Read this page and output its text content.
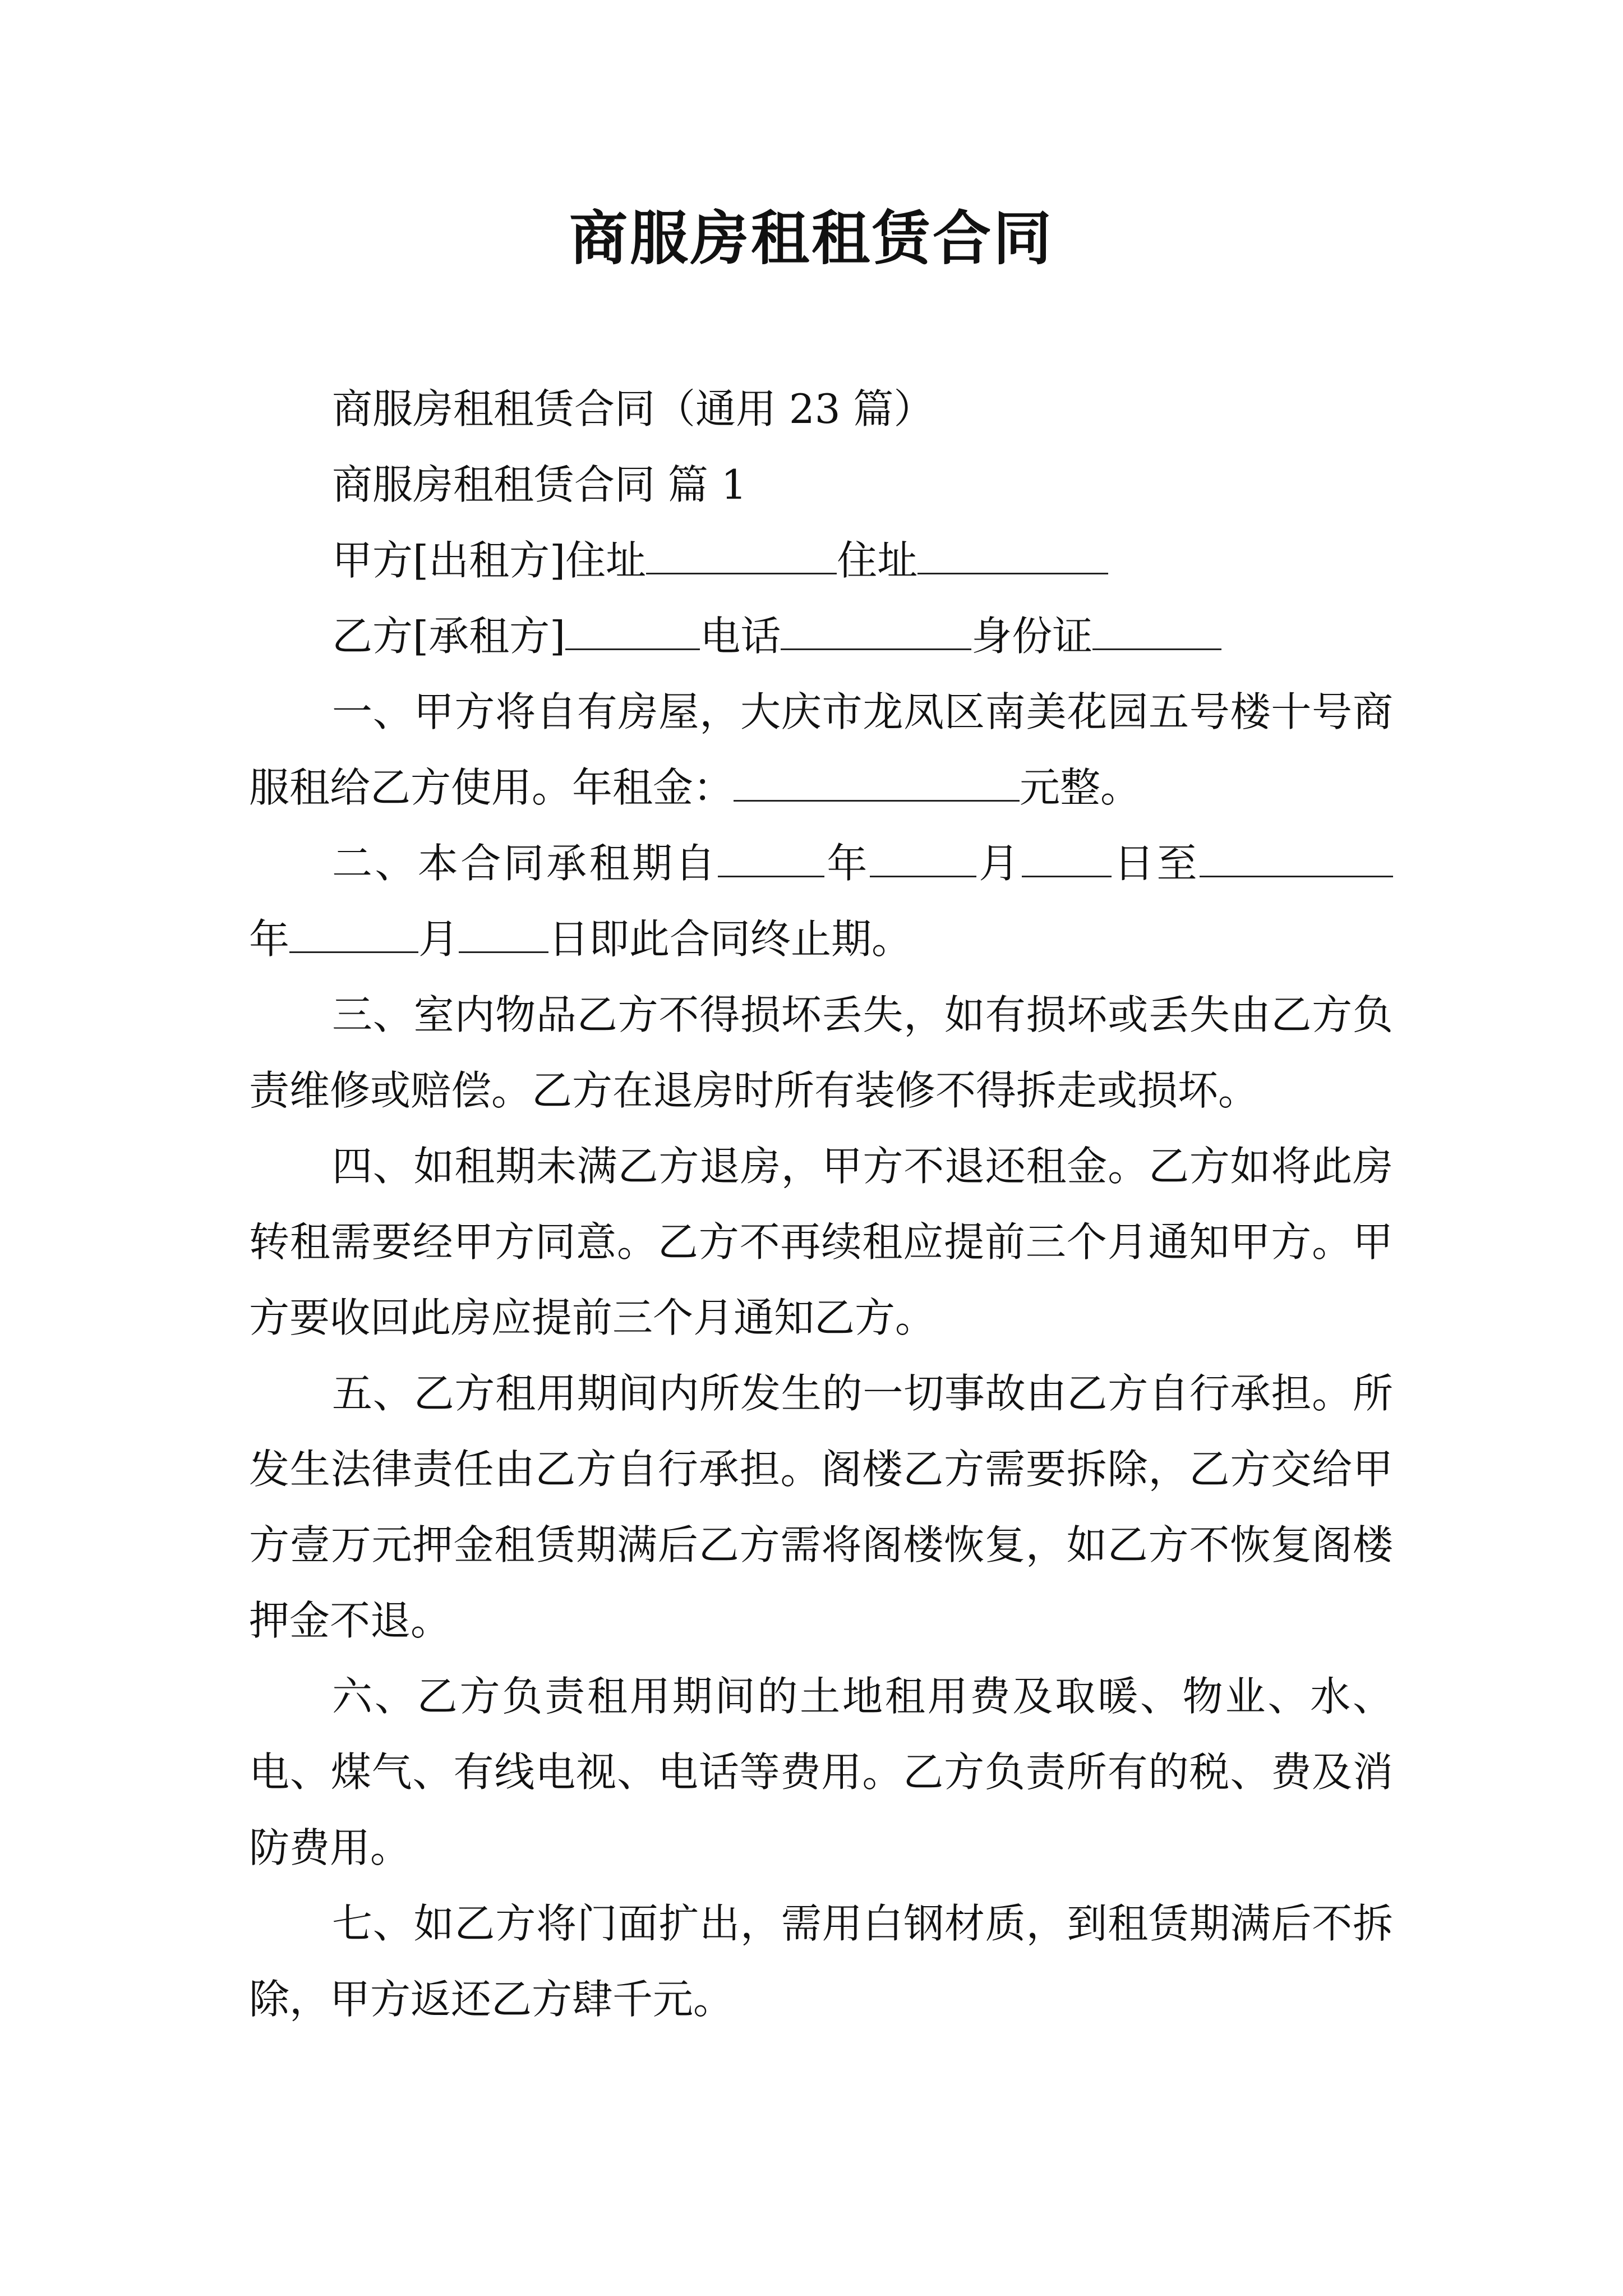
商服房租租赁合同

商服房租租赁合同（通用 23 篇）

商服房租租赁合同 篇 1

甲方[出租方]住址	住址

乙方[承租方]	电话	身份证

一、甲方将自有房屋，大庆市龙凤区南美花园五号楼十号商服租给乙方使用。年租金：	元整。

二、本合同承租期自	年	月 日至年	月 日即此合同终止期。

三、室内物品乙方不得损坏丢失，如有损坏或丢失由乙方负责维修或赔偿。乙方在退房时所有装修不得拆走或损坏。

四、如租期未满乙方退房，甲方不退还租金。乙方如将此房转租需要经甲方同意。乙方不再续租应提前三个月通知甲方。甲方要收回此房应提前三个月通知乙方。

五、乙方租用期间内所发生的一切事故由乙方自行承担。所发生法律责任由乙方自行承担。阁楼乙方需要拆除，乙方交给甲方壹万元押金租赁期满后乙方需将阁楼恢复，如乙方不恢复阁楼押金不退。

六、乙方负责租用期间的土地租用费及取暖、物业、水、电、煤气、有线电视、电话等费用。乙方负责所有的税、费及消防费用。

七、如乙方将门面扩出，需用白钢材质，到租赁期满后不拆除，甲方返还乙方肆千元。
